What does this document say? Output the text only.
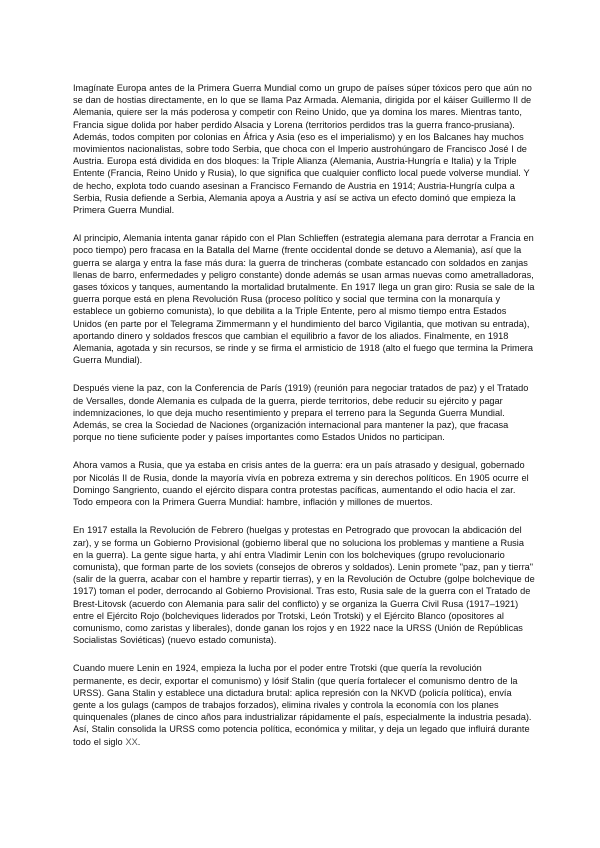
Imagínate Europa antes de la Primera Guerra Mundial como un grupo de países súper tóxicos pero que aún no se dan de hostias directamente, en lo que se llama Paz Armada. Alemania, dirigida por el káiser Guillermo II de Alemania, quiere ser la más poderosa y competir con Reino Unido, que ya domina los mares. Mientras tanto, Francia sigue dolida por haber perdido Alsacia y Lorena (territorios perdidos tras la guerra franco-prusiana). Además, todos compiten por colonias en África y Asia (eso es el imperialismo) y en los Balcanes hay muchos movimientos nacionalistas, sobre todo Serbia, que choca con el Imperio austrohúngaro de Francisco José I de Austria. Europa está dividida en dos bloques: la Triple Alianza (Alemania, Austria-Hungría e Italia) y la Triple Entente (Francia, Reino Unido y Rusia), lo que significa que cualquier conflicto local puede volverse mundial. Y de hecho, explota todo cuando asesinan a Francisco Fernando de Austria en 1914; Austria-Hungría culpa a Serbia, Rusia defiende a Serbia, Alemania apoya a Austria y así se activa un efecto dominó que empieza la Primera Guerra Mundial.

Al principio, Alemania intenta ganar rápido con el Plan Schlieffen (estrategia alemana para derrotar a Francia en poco tiempo) pero fracasa en la Batalla del Marne (frente occidental donde se detuvo a Alemania), así que la guerra se alarga y entra la fase más dura: la guerra de trincheras (combate estancado con soldados en zanjas llenas de barro, enfermedades y peligro constante) donde además se usan armas nuevas como ametralladoras, gases tóxicos y tanques, aumentando la mortalidad brutalmente. En 1917 llega un gran giro: Rusia se sale de la guerra porque está en plena Revolución Rusa (proceso político y social que termina con la monarquía y establece un gobierno comunista), lo que debilita a la Triple Entente, pero al mismo tiempo entra Estados Unidos (en parte por el Telegrama Zimmermann y el hundimiento del barco Vigilantia, que motivan su entrada), aportando dinero y soldados frescos que cambian el equilibrio a favor de los aliados. Finalmente, en 1918 Alemania, agotada y sin recursos, se rinde y se firma el armisticio de 1918 (alto el fuego que termina la Primera Guerra Mundial).

Después viene la paz, con la Conferencia de París (1919) (reunión para negociar tratados de paz) y el Tratado de Versalles, donde Alemania es culpada de la guerra, pierde territorios, debe reducir su ejército y pagar indemnizaciones, lo que deja mucho resentimiento y prepara el terreno para la Segunda Guerra Mundial. Además, se crea la Sociedad de Naciones (organización internacional para mantener la paz), que fracasa porque no tiene suficiente poder y países importantes como Estados Unidos no participan.

Ahora vamos a Rusia, que ya estaba en crisis antes de la guerra: era un país atrasado y desigual, gobernado por Nicolás II de Rusia, donde la mayoría vivía en pobreza extrema y sin derechos políticos. En 1905 ocurre el Domingo Sangriento, cuando el ejército dispara contra protestas pacíficas, aumentando el odio hacia el zar. Todo empeora con la Primera Guerra Mundial: hambre, inflación y millones de muertos.

En 1917 estalla la Revolución de Febrero (huelgas y protestas en Petrogrado que provocan la abdicación del zar), y se forma un Gobierno Provisional (gobierno liberal que no soluciona los problemas y mantiene a Rusia en la guerra). La gente sigue harta, y ahí entra Vladimir Lenin con los bolcheviques (grupo revolucionario comunista), que forman parte de los soviets (consejos de obreros y soldados). Lenin promete "paz, pan y tierra" (salir de la guerra, acabar con el hambre y repartir tierras), y en la Revolución de Octubre (golpe bolchevique de 1917) toman el poder, derrocando al Gobierno Provisional. Tras esto, Rusia sale de la guerra con el Tratado de Brest-Litovsk (acuerdo con Alemania para salir del conflicto) y se organiza la Guerra Civil Rusa (1917–1921) entre el Ejército Rojo (bolcheviques liderados por Trotski, León Trotski) y el Ejército Blanco (opositores al comunismo, como zaristas y liberales), donde ganan los rojos y en 1922 nace la URSS (Unión de Repúblicas Socialistas Soviéticas) (nuevo estado comunista).

Cuando muere Lenin en 1924, empieza la lucha por el poder entre Trotski (que quería la revolución permanente, es decir, exportar el comunismo) y Iósif Stalin (que quería fortalecer el comunismo dentro de la URSS). Gana Stalin y establece una dictadura brutal: aplica represión con la NKVD (policía política), envía gente a los gulags (campos de trabajos forzados), elimina rivales y controla la economía con los planes quinquenales (planes de cinco años para industrializar rápidamente el país, especialmente la industria pesada). Así, Stalin consolida la URSS como potencia política, económica y militar, y deja un legado que influirá durante todo el siglo XX.
